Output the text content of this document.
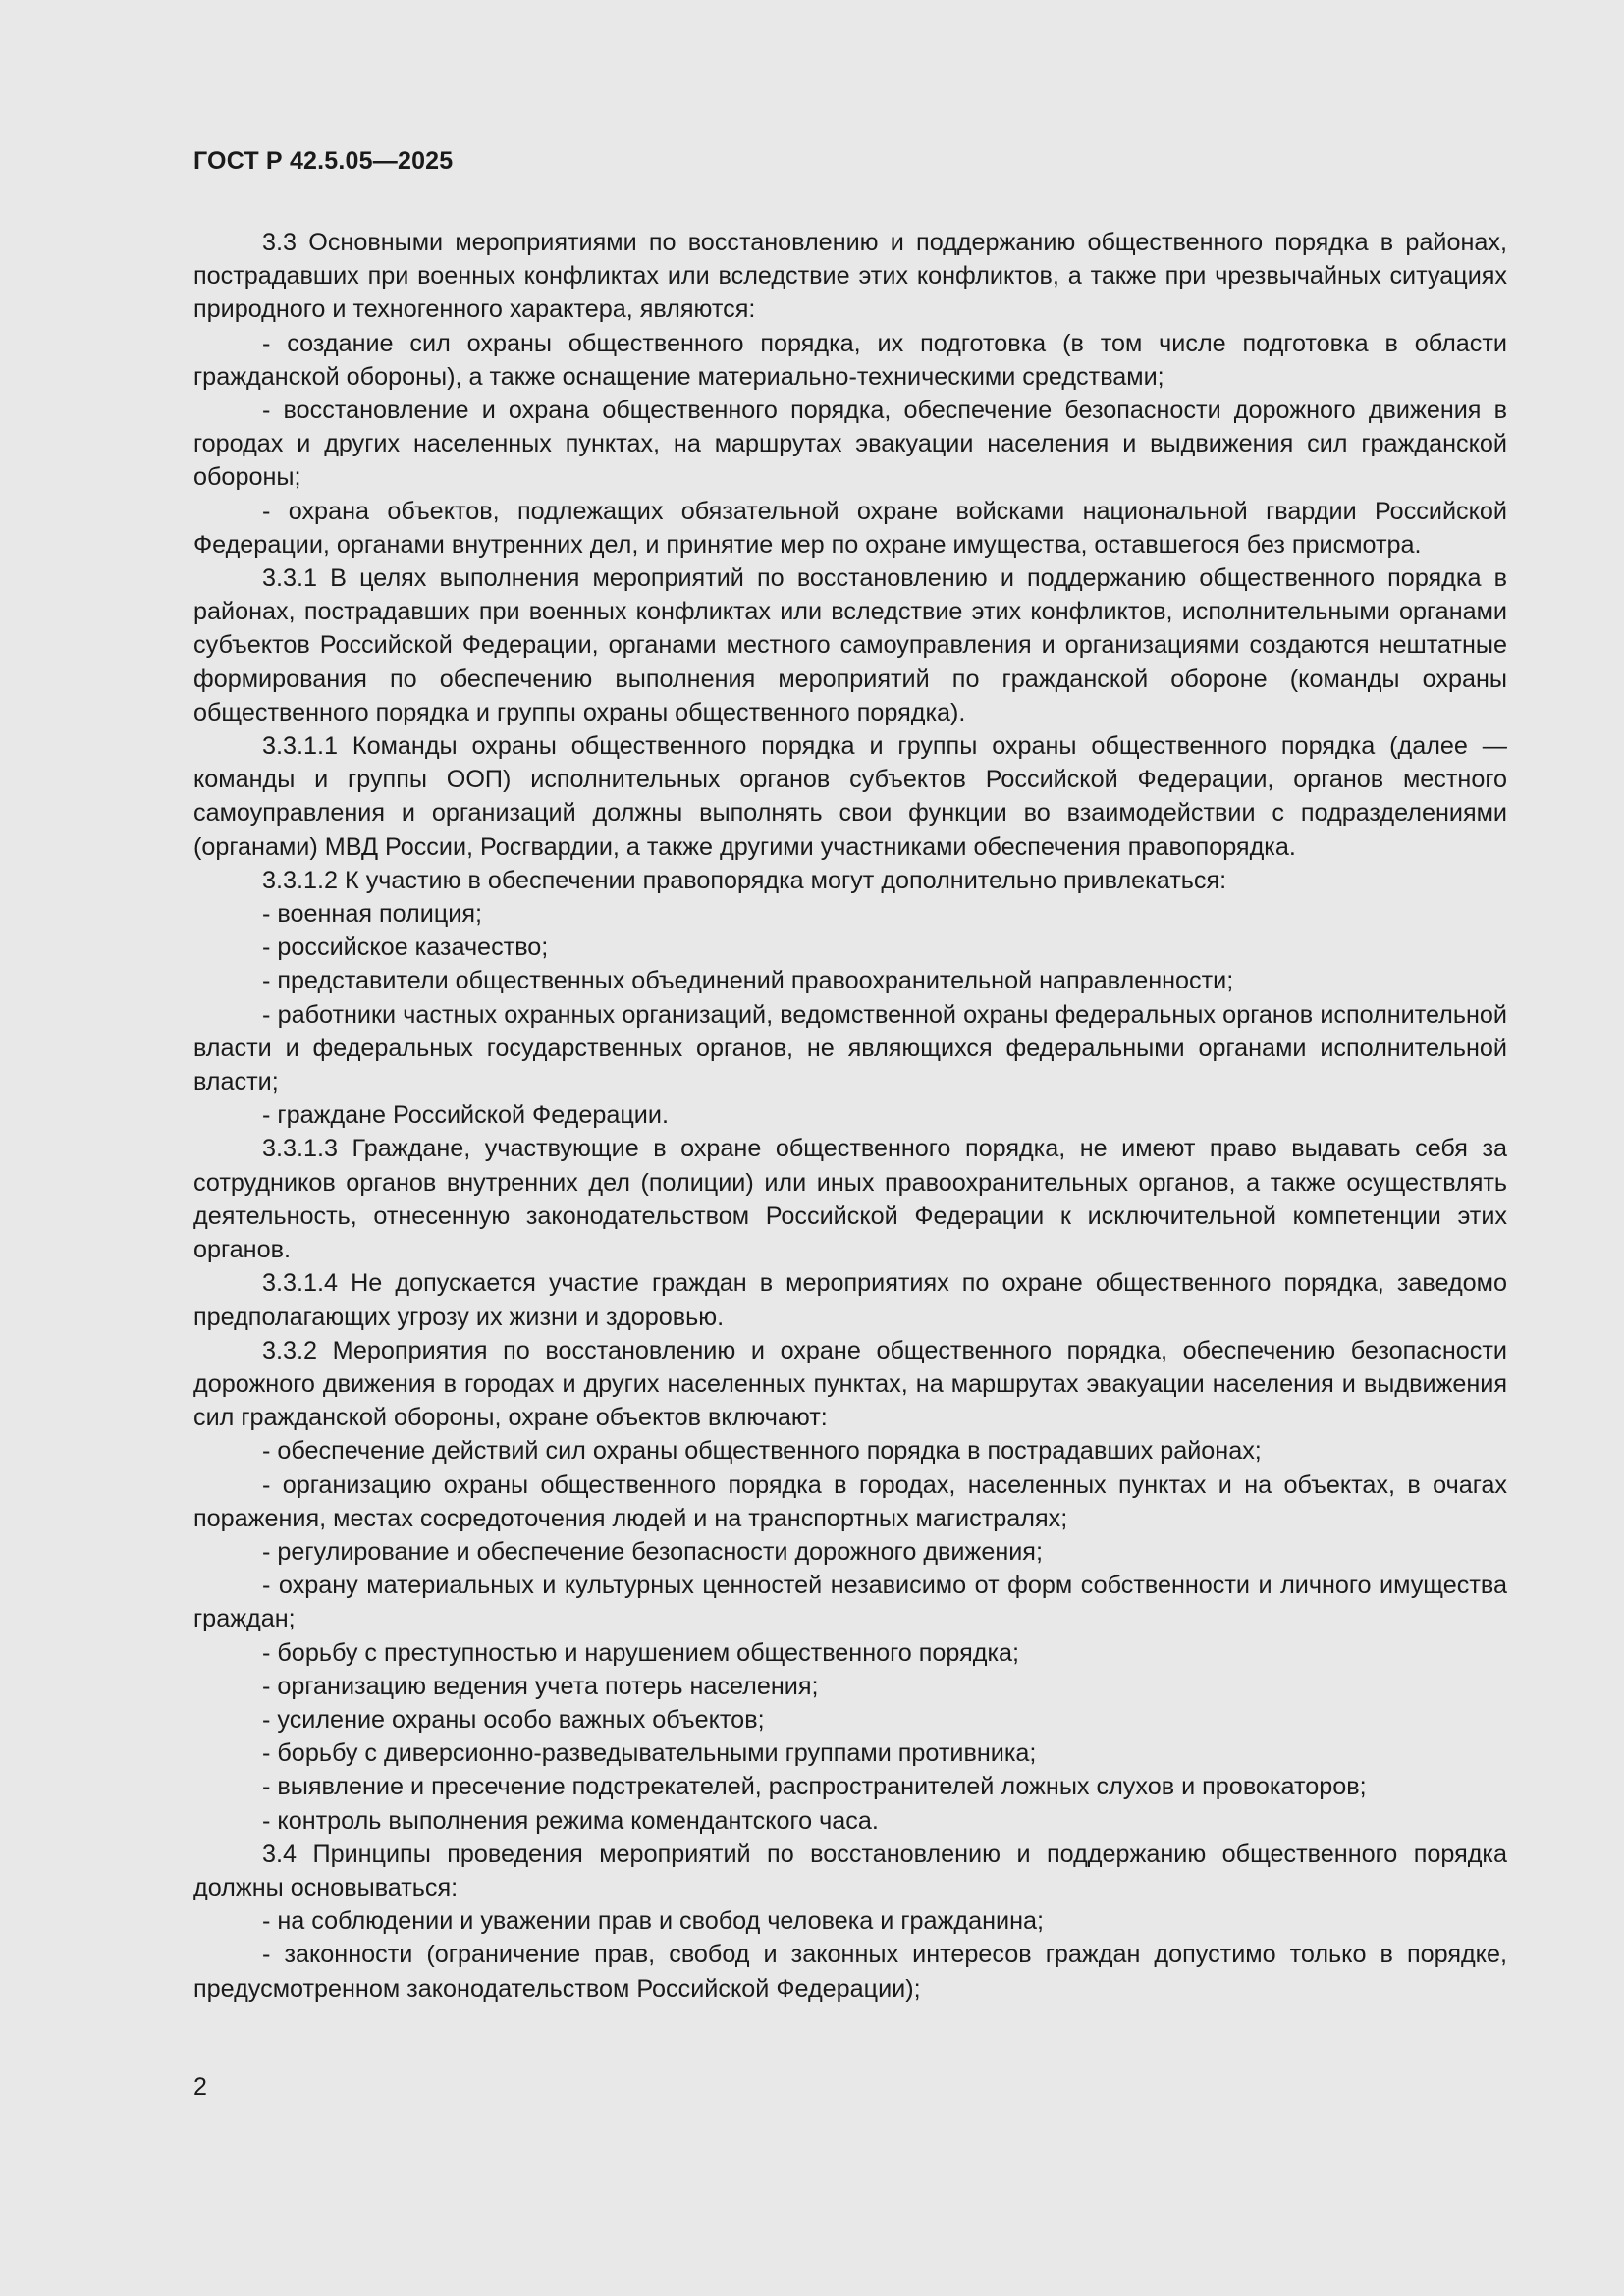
ГОСТ Р 42.5.05—2025

3.3 Основными мероприятиями по восстановлению и поддержанию общественного порядка в районах, пострадавших при военных конфликтах или вследствие этих конфликтов, а также при чрезвычайных ситуациях природного и техногенного характера, являются:

- создание сил охраны общественного порядка, их подготовка (в том числе подготовка в области гражданской обороны), а также оснащение материально-техническими средствами;

- восстановление и охрана общественного порядка, обеспечение безопасности дорожного движения в городах и других населенных пунктах, на маршрутах эвакуации населения и выдвижения сил гражданской обороны;

- охрана объектов, подлежащих обязательной охране войсками национальной гвардии Российской Федерации, органами внутренних дел, и принятие мер по охране имущества, оставшегося без присмотра.

3.3.1 В целях выполнения мероприятий по восстановлению и поддержанию общественного порядка в районах, пострадавших при военных конфликтах или вследствие этих конфликтов, исполнительными органами субъектов Российской Федерации, органами местного самоуправления и организациями создаются нештатные формирования по обеспечению выполнения мероприятий по гражданской обороне (команды охраны общественного порядка и группы охраны общественного порядка).

3.3.1.1 Команды охраны общественного порядка и группы охраны общественного порядка (далее — команды и группы ООП) исполнительных органов субъектов Российской Федерации, органов местного самоуправления и организаций должны выполнять свои функции во взаимодействии с подразделениями (органами) МВД России, Росгвардии, а также другими участниками обеспечения правопорядка.

3.3.1.2 К участию в обеспечении правопорядка могут дополнительно привлекаться:

- военная полиция;

- российское казачество;

- представители общественных объединений правоохранительной направленности;

- работники частных охранных организаций, ведомственной охраны федеральных органов исполнительной власти и федеральных государственных органов, не являющихся федеральными органами исполнительной власти;

- граждане Российской Федерации.

3.3.1.3 Граждане, участвующие в охране общественного порядка, не имеют право выдавать себя за сотрудников органов внутренних дел (полиции) или иных правоохранительных органов, а также осуществлять деятельность, отнесенную законодательством Российской Федерации к исключительной компетенции этих органов.

3.3.1.4 Не допускается участие граждан в мероприятиях по охране общественного порядка, заведомо предполагающих угрозу их жизни и здоровью.

3.3.2 Мероприятия по восстановлению и охране общественного порядка, обеспечению безопасности дорожного движения в городах и других населенных пунктах, на маршрутах эвакуации населения и выдвижения сил гражданской обороны, охране объектов включают:

- обеспечение действий сил охраны общественного порядка в пострадавших районах;

- организацию охраны общественного порядка в городах, населенных пунктах и на объектах, в очагах поражения, местах сосредоточения людей и на транспортных магистралях;

- регулирование и обеспечение безопасности дорожного движения;

- охрану материальных и культурных ценностей независимо от форм собственности и личного имущества граждан;

- борьбу с преступностью и нарушением общественного порядка;

- организацию ведения учета потерь населения;

- усиление охраны особо важных объектов;

- борьбу с диверсионно-разведывательными группами противника;

- выявление и пресечение подстрекателей, распространителей ложных слухов и провокаторов;

- контроль выполнения режима комендантского часа.

3.4 Принципы проведения мероприятий по восстановлению и поддержанию общественного порядка должны основываться:

- на соблюдении и уважении прав и свобод человека и гражданина;

- законности (ограничение прав, свобод и законных интересов граждан допустимо только в порядке, предусмотренном законодательством Российской Федерации);

2
